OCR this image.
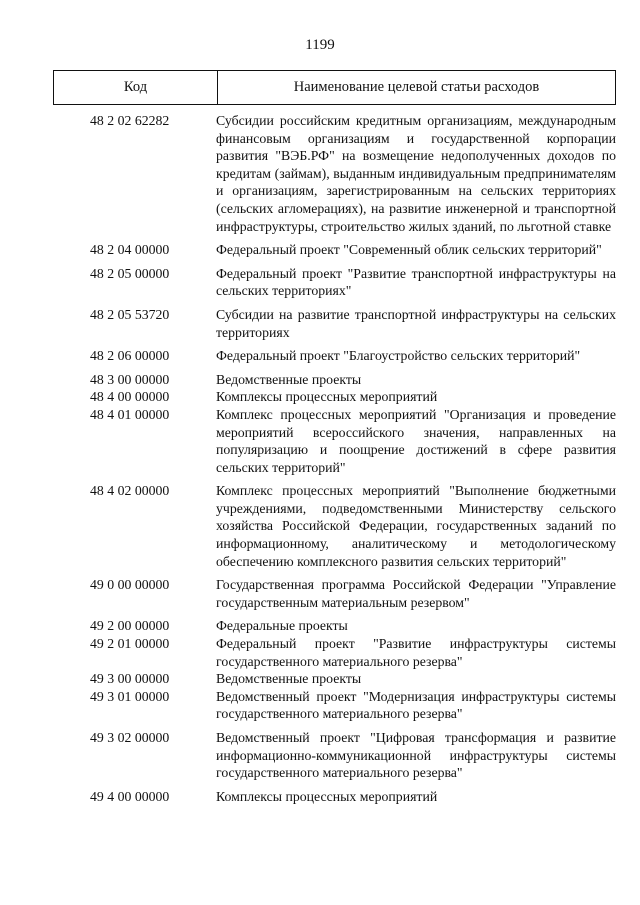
1199
Код	Наименование целевой статьи расходов
48 2 02 62282	Субсидии российским кредитным организациям, международным финансовым организациям и государственной корпорации развития "ВЭБ.РФ" на возмещение недополученных доходов по кредитам (займам), выданным индивидуальным предпринимателям и организациям, зарегистрированным на сельских территориях (сельских агломерациях), на развитие инженерной и транспортной инфраструктуры, строительство жилых зданий, по льготной ставке
48 2 04 00000	Федеральный проект "Современный облик сельских территорий"
48 2 05 00000	Федеральный проект "Развитие транспортной инфраструктуры на сельских территориях"
48 2 05 53720	Субсидии на развитие транспортной инфраструктуры на сельских территориях
48 2 06 00000	Федеральный проект "Благоустройство сельских территорий"
48 3 00 00000	Ведомственные проекты
48 4 00 00000	Комплексы процессных мероприятий
48 4 01 00000	Комплекс процессных мероприятий "Организация и проведение мероприятий всероссийского значения, направленных на популяризацию и поощрение достижений в сфере развития сельских территорий"
48 4 02 00000	Комплекс процессных мероприятий "Выполнение бюджетными учреждениями, подведомственными Министерству сельского хозяйства Российской Федерации, государственных заданий по информационному, аналитическому и методологическому обеспечению комплексного развития сельских территорий"
49 0 00 00000	Государственная программа Российской Федерации "Управление государственным материальным резервом"
49 2 00 00000	Федеральные проекты
49 2 01 00000	Федеральный проект "Развитие инфраструктуры системы государственного материального резерва"
49 3 00 00000	Ведомственные проекты
49 3 01 00000	Ведомственный проект "Модернизация инфраструктуры системы государственного материального резерва"
49 3 02 00000	Ведомственный проект "Цифровая трансформация и развитие информационно-коммуникационной инфраструктуры системы государственного материального резерва"
49 4 00 00000	Комплексы процессных мероприятий
